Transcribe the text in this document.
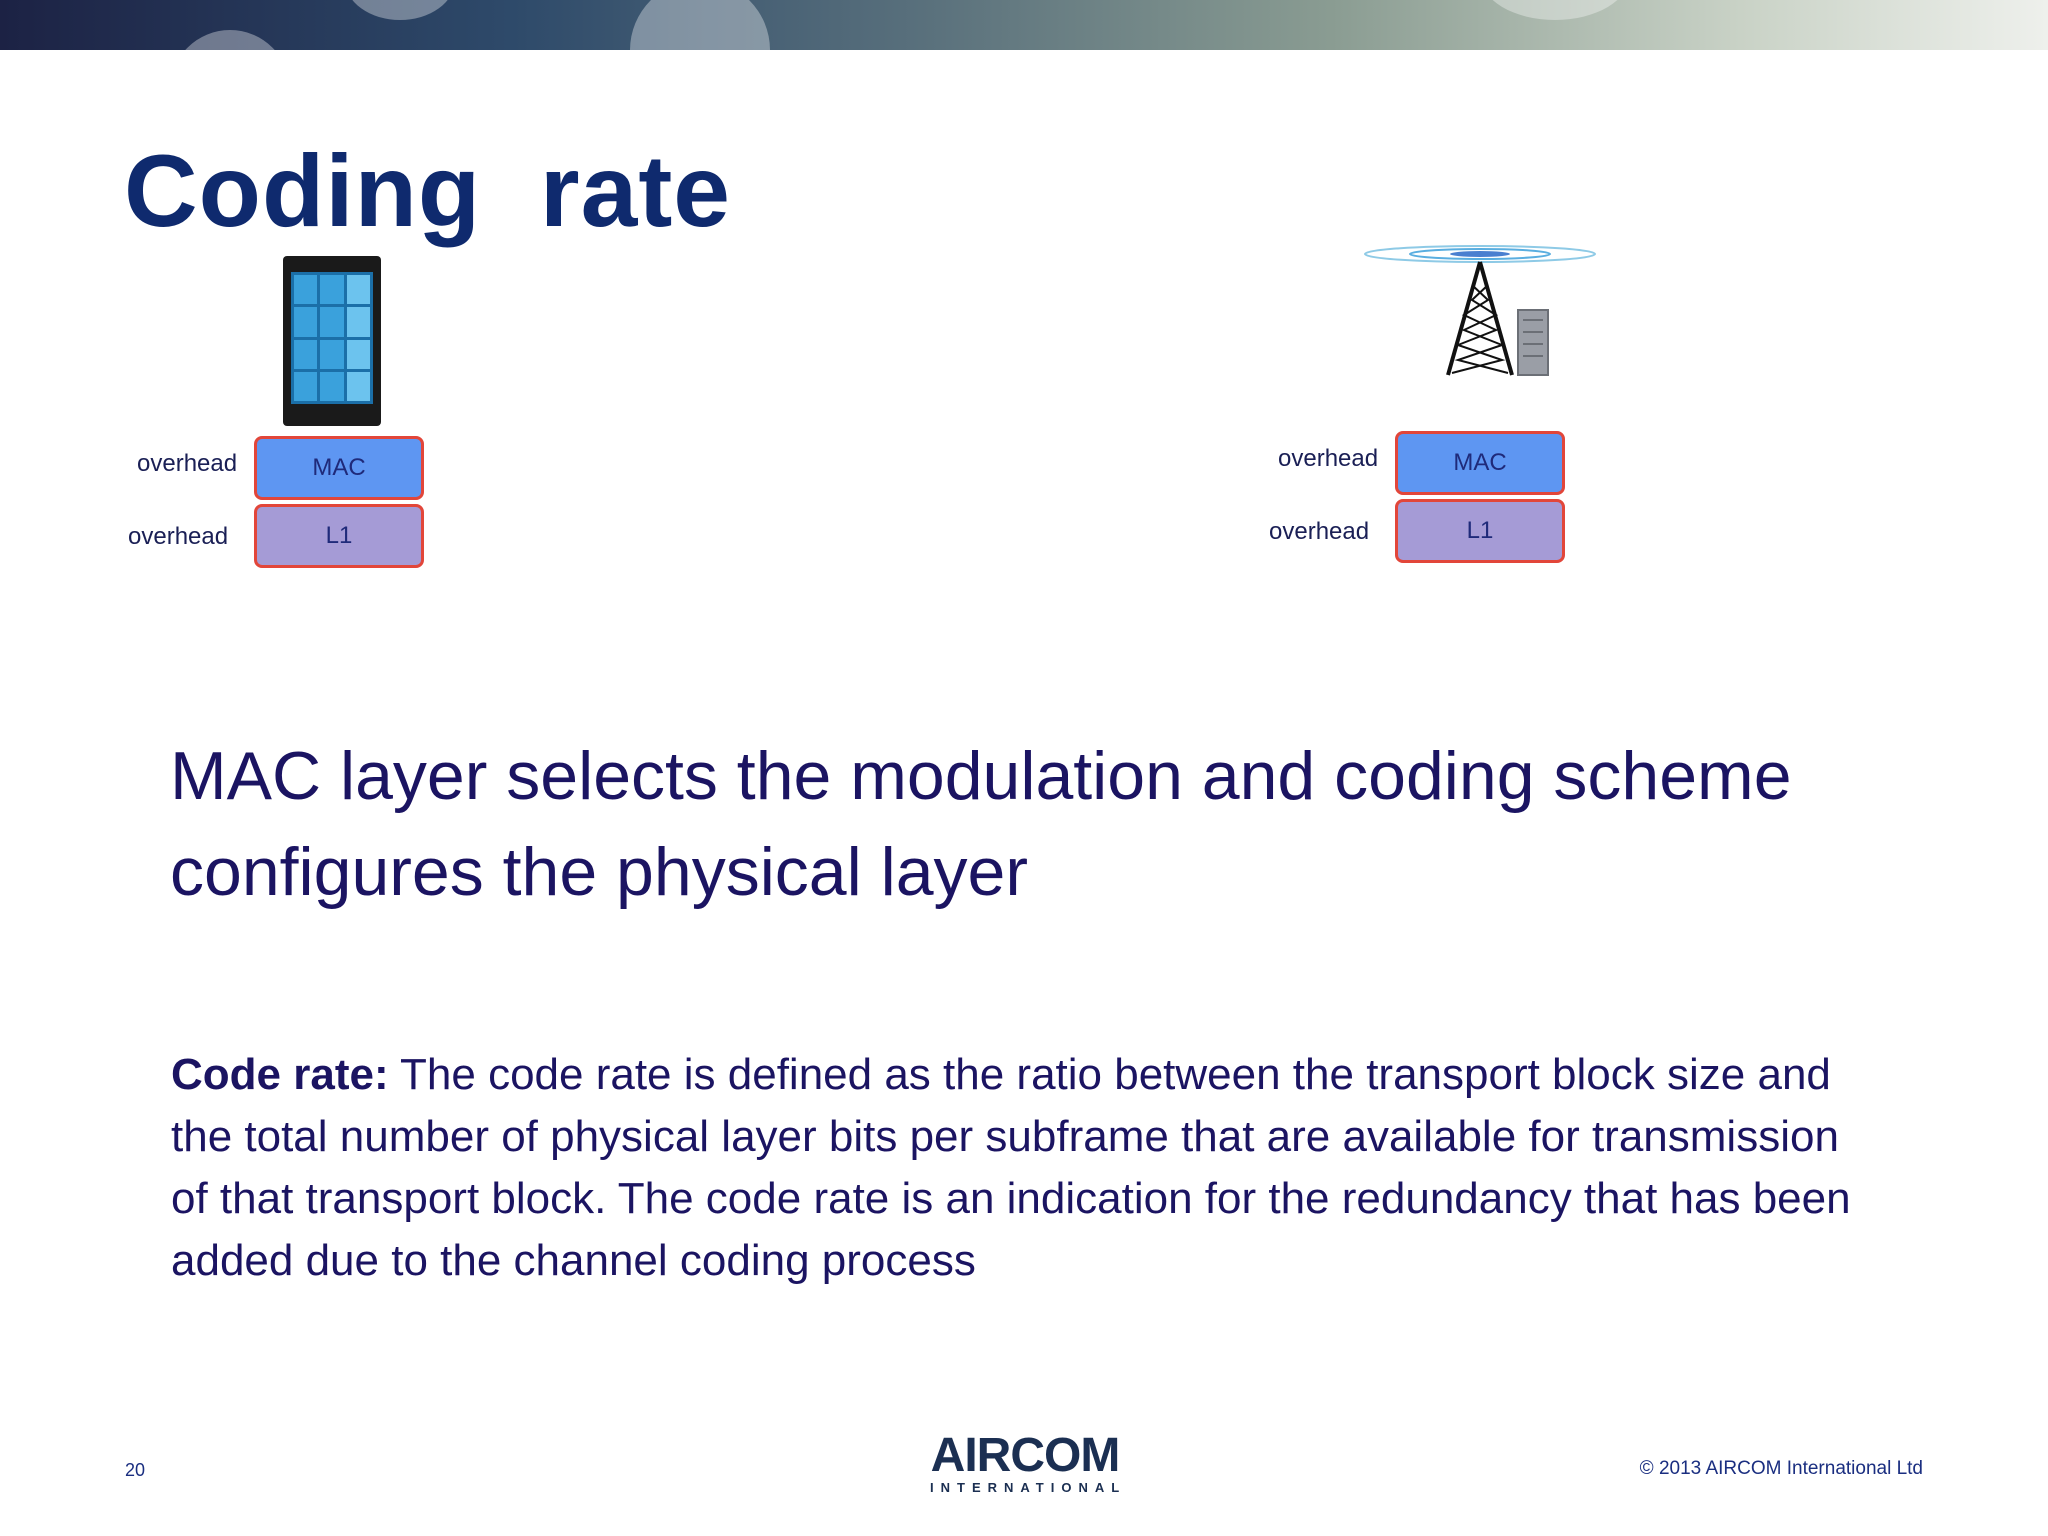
Coding  rate
MAC
L1
overhead
overhead
MAC
L1
overhead
overhead

MAC layer selects the modulation and coding scheme
configures the physical layer

Code rate: The code rate is defined as the ratio between the transport block size and the total number of physical layer bits per subframe that are available for transmission of that transport block. The code rate is an indication for the redundancy that has been added due to the channel coding process

20	AIRCOM
INTERNATIONAL
© 2013 AIRCOM International Ltd
